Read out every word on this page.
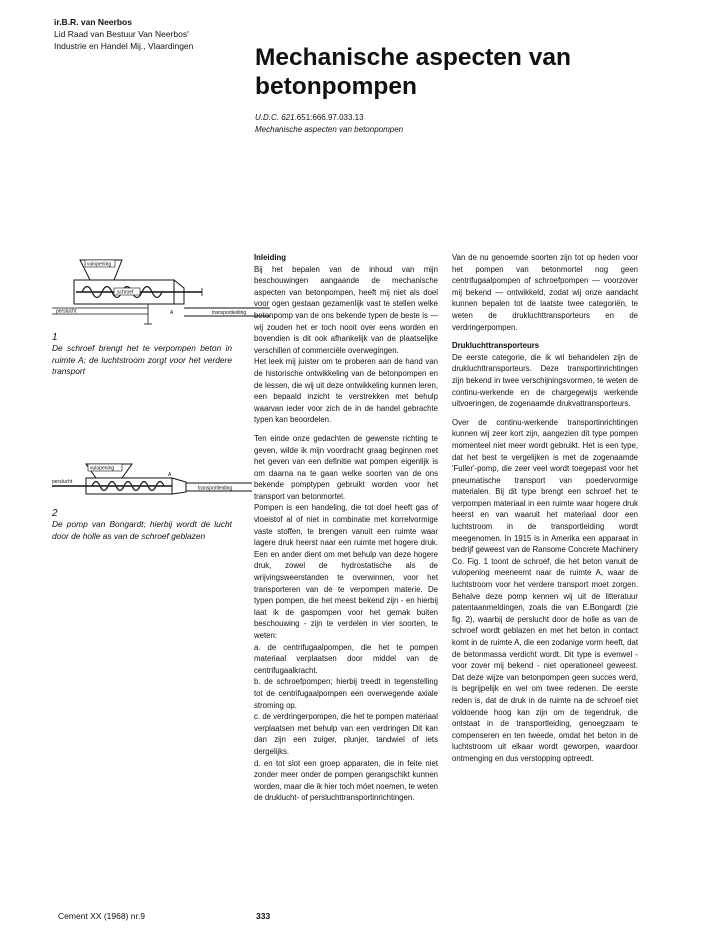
ir.B.R. van Neerbos
Lid Raad van Bestuur Van Neerbos'
Industrie en Handel Mij., Vlaardingen	Mechanische aspecten van
betonpompen
U.D.C. 621.651:666.97.033.13
Mechanische aspecten van betonpompen
vulopening
schroef
A	transportleiding
perslucht
1
De schroef brengt het te verpompen beton in ruimte A; de luchtstroom zorgt voor het verdere transport
vulopening
perslucht
A
transportleiding
2
De pomp van Bongardt; hierbij wordt de lucht door de holle as van de schroef geblazen

Inleiding

Bij het bepalen van de inhoud van mijn beschouwingen aangaande de mechanische aspecten van betonpompen, heeft mij niet als doel voor ogen gestaan gezamenlijk vast te stellen welke betonpomp van de ons bekende typen de beste is — wij zouden het er toch nooit over eens worden en bovendien is dit ook afhankelijk van de plaatselijke verschillen of commerciële overwegingen.

Het leek mij juister om te proberen aan de hand van de historische ontwikkeling van de betonpompen en de lessen, die wij uit deze ontwikkeling kunnen leren, een bepaald inzicht te verstrekken met behulp waarvan ieder voor zich de in de handel gebrachte typen kan beoordelen.

Ten einde onze gedachten de gewenste richting te geven, wilde ik mijn voordracht graag beginnen met het geven van een definitie wat pompen eigenlijk is om daarna na te gaan welke soorten van de ons bekende pomptypen gebruikt worden voor het transport van betonmortel.

Pompen is een handeling, die tot doel heeft gas of vloeistof al of niet in combinatie met korrelvormige vaste stoffen, te brengen vanuit een ruimte waar lagere druk heerst naar een ruimte met hogere druk. Een en ander dient om met behulp van deze hogere druk, zowel de hydrostatische als de wrijvingsweerstanden te overwinnen, voor het transporteren van de te verpompen materie. De typen pompen, die het meest bekend zijn - en hierbij laat ik de gaspompen voor het gemak buiten beschouwing - zijn te verdelen in vier soorten, te weten:

a. de centrifugaalpompen, die het te pompen materiaal verplaatsen door middel van de centrifugaalkracht.

b. de schroefpompen; hierbij treedt in tegenstelling tot de centrifugaalpompen een overwegende axiale stroming op.

c. de verdringerpompen, die het te pompen materiaal verplaatsen met behulp van een verdringen Dit kan dan zijn een zuiger, plunjer, tandwiel of iets dergelijks.

d. en tot slot een groep apparaten, die in feite niet zonder meer onder de pompen gerangschikt kunnen worden, maar die ik hier toch móet noemen, te weten de druklucht- of persluchttransportinrichtingen.

Van de nu genoemde soorten zijn tot op heden voor het pompen van betonmortel nog geen centrifugaalpompen of schroefpompen — voorzover mij bekend — ontwikkeld, zodat wij onze aandacht kunnen bepalen tot de laatste twee categoriën, te weten de drukluchttransporteurs en de verdringerpompen.

Drukluchttransporteurs

De eerste categorie, die ik wil behandelen zijn de drukluchttransporteurs. Deze transportinrichtingen zijn bekend in twee verschijningsvormen, te weten de continu-werkende en de chargegewijs werkende uitvoeringen, de zogenaamde drukvattransporteurs.

Over de continu-werkende transportinrichtingen kunnen wij zeer kort zijn, aangezien dit type pompen momenteel niet meer wordt gebruikt. Het is een type, dat het best te vergelijken is met de zogenaamde 'Fuller'-pomp, die zeer veel wordt toegepast voor het pneumatische transport van poedervormige materialen. Bij dit type brengt een schroef het te verpompen materiaal in een ruimte waar hogere druk heerst en van waaruit het materiaal door een luchtstroom in de transportleiding wordt meegenomen. In 1915 is in Amerika een apparaat in bedrijf geweest van de Ransome Concrete Machinery Co. Fig. 1 toont de schroef, die het beton vanuit de vulopening meeneemt naar de ruimte A, waar de luchtstroom voor het verdere transport moet zorgen. Behalve deze pomp kennen wij uit de litteratuur patentaanmeldingen, zoals die van E.Bongardt (zie fig. 2), waarbij de perslucht door de holle as van de schroef wordt geblazen en met het beton in contact komt in de ruimte A, die een zodanige vorm heeft, dat de betonmassa verdicht wordt. Dit type is evenwel - voor zover mij bekend - niet operationeel geweest. Dat deze wijze van betonpompen geen succes werd, is begrijpelijk en wel om twee redenen. De eerste reden is, dat de druk in de ruimte na de schroef niet voldoende hoog kan zijn om de tegendruk, die ontstaat in de transportleiding, genoegzaam te compenseren en ten tweede, omdat het beton in de luchtstroom uit elkaar wordt geworpen, waardoor ontmenging en dus verstopping optreedt.

Cement XX (1968) nr.9	333
